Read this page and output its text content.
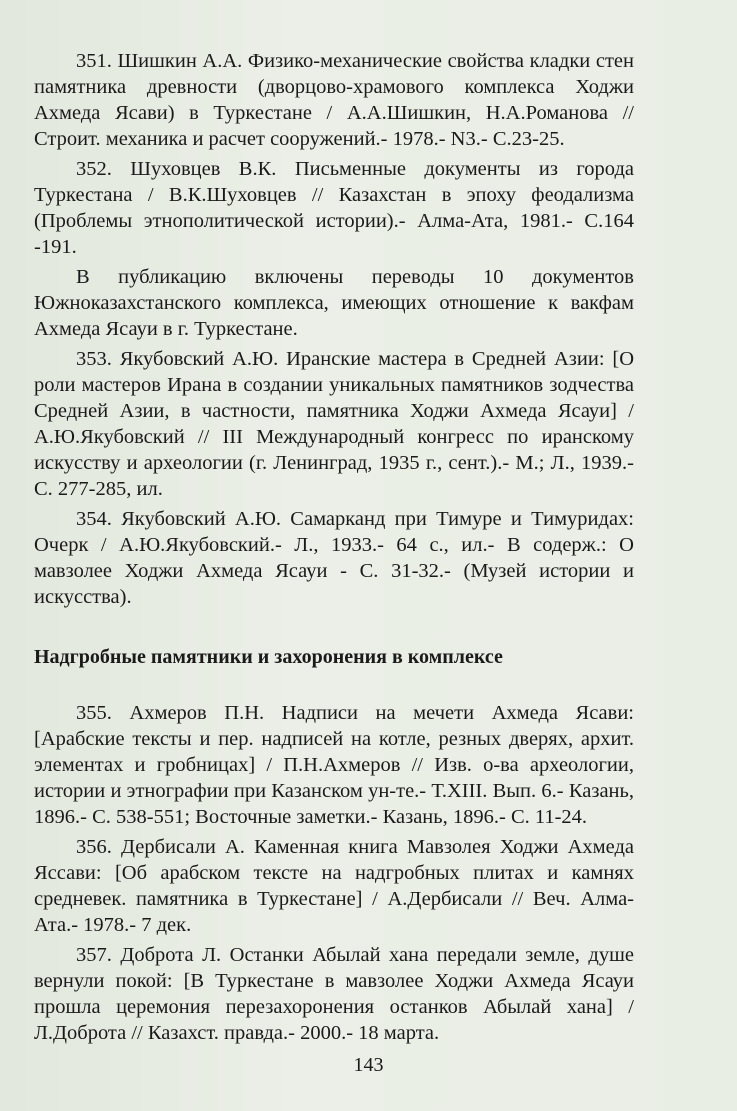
351. Шишкин А.А. Физико-механические свойства кладки стен памятника древности (дворцово-храмового комплекса Ходжи Ахмеда Ясави) в Туркестане / А.А.Шишкин, Н.А.Романова // Строит. механика и расчет сооружений.- 1978.- N3.- С.23-25.

352. Шуховцев В.К. Письменные документы из города Туркестана / В.К.Шуховцев // Казахстан в эпоху феодализма (Проблемы этнополитической истории).- Алма-Ата, 1981.- С.164 -191.

В публикацию включены переводы 10 документов Южноказахстанского комплекса, имеющих отношение к вакфам Ахмеда Ясауи в г. Туркестане.

353. Якубовский А.Ю. Иранские мастера в Средней Азии: [О роли мастеров Ирана в создании уникальных памятников зодчества Средней Азии, в частности, памятника Ходжи Ахмеда Ясауи] / А.Ю.Якубовский // III Международный конгресс по иранскому искусству и археологии (г. Ленинград, 1935 г., сент.).- М.; Л., 1939.- С. 277-285, ил.

354. Якубовский А.Ю. Самарканд при Тимуре и Тимуридах: Очерк / А.Ю.Якубовский.- Л., 1933.- 64 с., ил.- В содерж.: О мавзолее Ходжи Ахмеда Ясауи - С. 31-32.- (Музей истории и искусства).

Надгробные памятники и захоронения в комплексе

355. Ахмеров П.Н. Надписи на мечети Ахмеда Ясави: [Арабские тексты и пер. надписей на котле, резных дверях, архит. элементах и гробницах] / П.Н.Ахмеров // Изв. о-ва археологии, истории и этнографии при Казанском ун-те.- Т.XIII. Вып. 6.- Казань, 1896.- С. 538-551; Восточные заметки.- Казань, 1896.- С. 11-24.

356. Дербисали А. Каменная книга Мавзолея Ходжи Ахмеда Яссави: [Об арабском тексте на надгробных плитах и камнях средневек. памятника в Туркестане] / А.Дербисали // Веч. Алма-Ата.- 1978.- 7 дек.

357. Доброта Л. Останки Абылай хана передали земле, душе вернули покой: [В Туркестане в мавзолее Ходжи Ахмеда Ясауи прошла церемония перезахоронения останков Абылай хана] / Л.Доброта // Казахст. правда.- 2000.- 18 марта.

143
